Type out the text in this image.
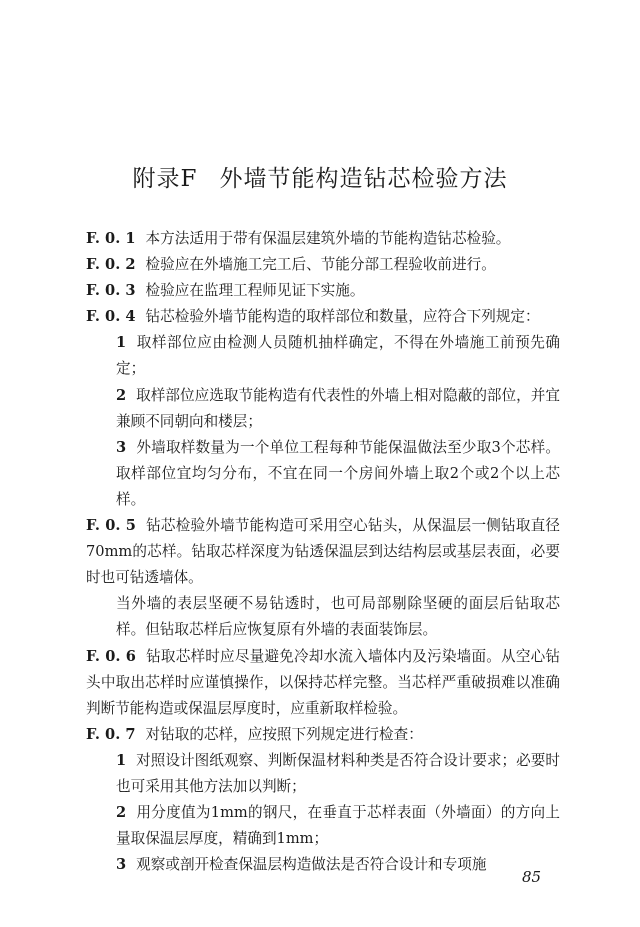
附录F 外墙节能构造钻芯检验方法

F. 0. 1 本方法适用于带有保温层建筑外墙的节能构造钻芯检验。

F. 0. 2 检验应在外墙施工完工后、节能分部工程验收前进行。

F. 0. 3 检验应在监理工程师见证下实施。

F. 0. 4 钻芯检验外墙节能构造的取样部位和数量，应符合下列规定：

1 取样部位应由检测人员随机抽样确定，不得在外墙施工前预先确定；

2 取样部位应选取节能构造有代表性的外墙上相对隐蔽的部位，并宜兼顾不同朝向和楼层；

3 外墙取样数量为一个单位工程每种节能保温做法至少取3个芯样。取样部位宜均匀分布，不宜在同一个房间外墙上取2个或2个以上芯样。

F. 0. 5 钻芯检验外墙节能构造可采用空心钻头，从保温层一侧钻取直径70mm的芯样。钻取芯样深度为钻透保温层到达结构层或基层表面，必要时也可钻透墙体。

当外墙的表层坚硬不易钻透时，也可局部剔除坚硬的面层后钻取芯样。但钻取芯样后应恢复原有外墙的表面装饰层。

F. 0. 6 钻取芯样时应尽量避免冷却水流入墙体内及污染墙面。从空心钻头中取出芯样时应谨慎操作，以保持芯样完整。当芯样严重破损难以准确判断节能构造或保温层厚度时，应重新取样检验。

F. 0. 7 对钻取的芯样，应按照下列规定进行检查：

1 对照设计图纸观察、判断保温材料种类是否符合设计要求；必要时也可采用其他方法加以判断；

2 用分度值为1mm的钢尺，在垂直于芯样表面（外墙面）的方向上量取保温层厚度，精确到1mm；

3 观察或剖开检查保温层构造做法是否符合设计和专项施

85
